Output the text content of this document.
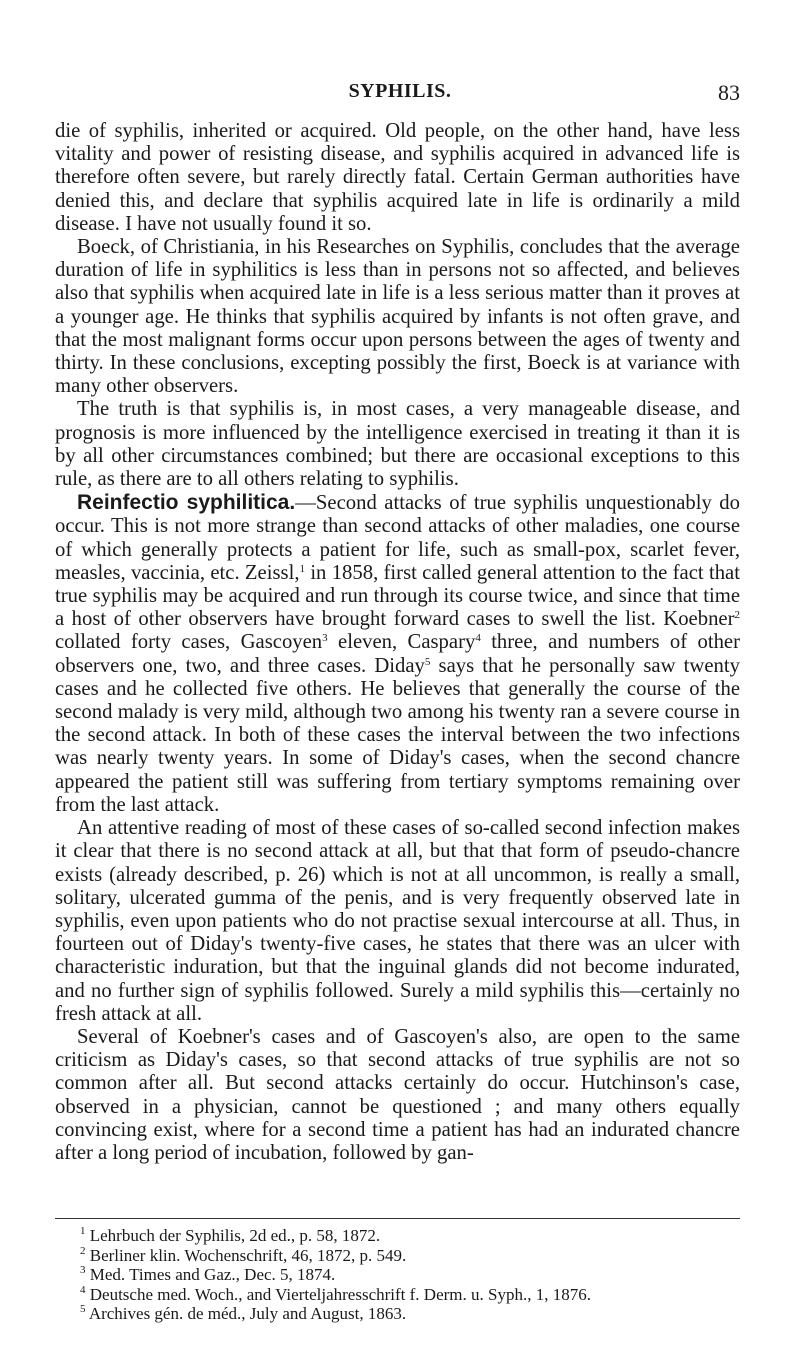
SYPHILIS.	83

die of syphilis, inherited or acquired. Old people, on the other hand, have less vitality and power of resisting disease, and syphilis acquired in advanced life is therefore often severe, but rarely directly fatal. Certain German authorities have denied this, and declare that syphilis acquired late in life is ordinarily a mild disease. I have not usually found it so.

Boeck, of Christiania, in his Researches on Syphilis, concludes that the average duration of life in syphilitics is less than in persons not so affected, and believes also that syphilis when acquired late in life is a less serious matter than it proves at a younger age. He thinks that syphilis acquired by infants is not often grave, and that the most malignant forms occur upon persons between the ages of twenty and thirty. In these conclusions, excepting possibly the first, Boeck is at variance with many other observers.

The truth is that syphilis is, in most cases, a very manageable disease, and prognosis is more influenced by the intelligence exercised in treating it than it is by all other circumstances combined; but there are occasional exceptions to this rule, as there are to all others relating to syphilis.

Reinfectio syphilitica.—Second attacks of true syphilis unquestionably do occur. This is not more strange than second attacks of other maladies, one course of which generally protects a patient for life, such as small-pox, scarlet fever, measles, vaccinia, etc. Zeissl,$^1$ in 1858, first called general attention to the fact that true syphilis may be acquired and run through its course twice, and since that time a host of other observers have brought forward cases to swell the list. Koebner$^2$ collated forty cases, Gascoyen$^3$ eleven, Caspary$^4$ three, and numbers of other observers one, two, and three cases. Diday$^5$ says that he personally saw twenty cases and he collected five others. He believes that generally the course of the second malady is very mild, although two among his twenty ran a severe course in the second attack. In both of these cases the interval between the two infections was nearly twenty years. In some of Diday's cases, when the second chancre appeared the patient still was suffering from tertiary symptoms remaining over from the last attack.

An attentive reading of most of these cases of so-called second infection makes it clear that there is no second attack at all, but that that form of pseudo-chancre exists (already described, p. 26) which is not at all uncommon, is really a small, solitary, ulcerated gumma of the penis, and is very frequently observed late in syphilis, even upon patients who do not practise sexual intercourse at all. Thus, in fourteen out of Diday's twenty-five cases, he states that there was an ulcer with characteristic induration, but that the inguinal glands did not become indurated, and no further sign of syphilis followed. Surely a mild syphilis this—certainly no fresh attack at all.

Several of Koebner's cases and of Gascoyen's also, are open to the same criticism as Diday's cases, so that second attacks of true syphilis are not so common after all. But second attacks certainly do occur. Hutchinson's case, observed in a physician, cannot be questioned ; and many others equally convincing exist, where for a second time a patient has had an indurated chancre after a long period of incubation, followed by gan-

$^1$ Lehrbuch der Syphilis, 2d ed., p. 58, 1872.
$^2$ Berliner klin. Wochenschrift, 46, 1872, p. 549.
$^3$ Med. Times and Gaz., Dec. 5, 1874.
$^4$ Deutsche med. Woch., and Vierteljahresschrift f. Derm. u. Syph., 1, 1876.
$^5$ Archives gén. de méd., July and August, 1863.
